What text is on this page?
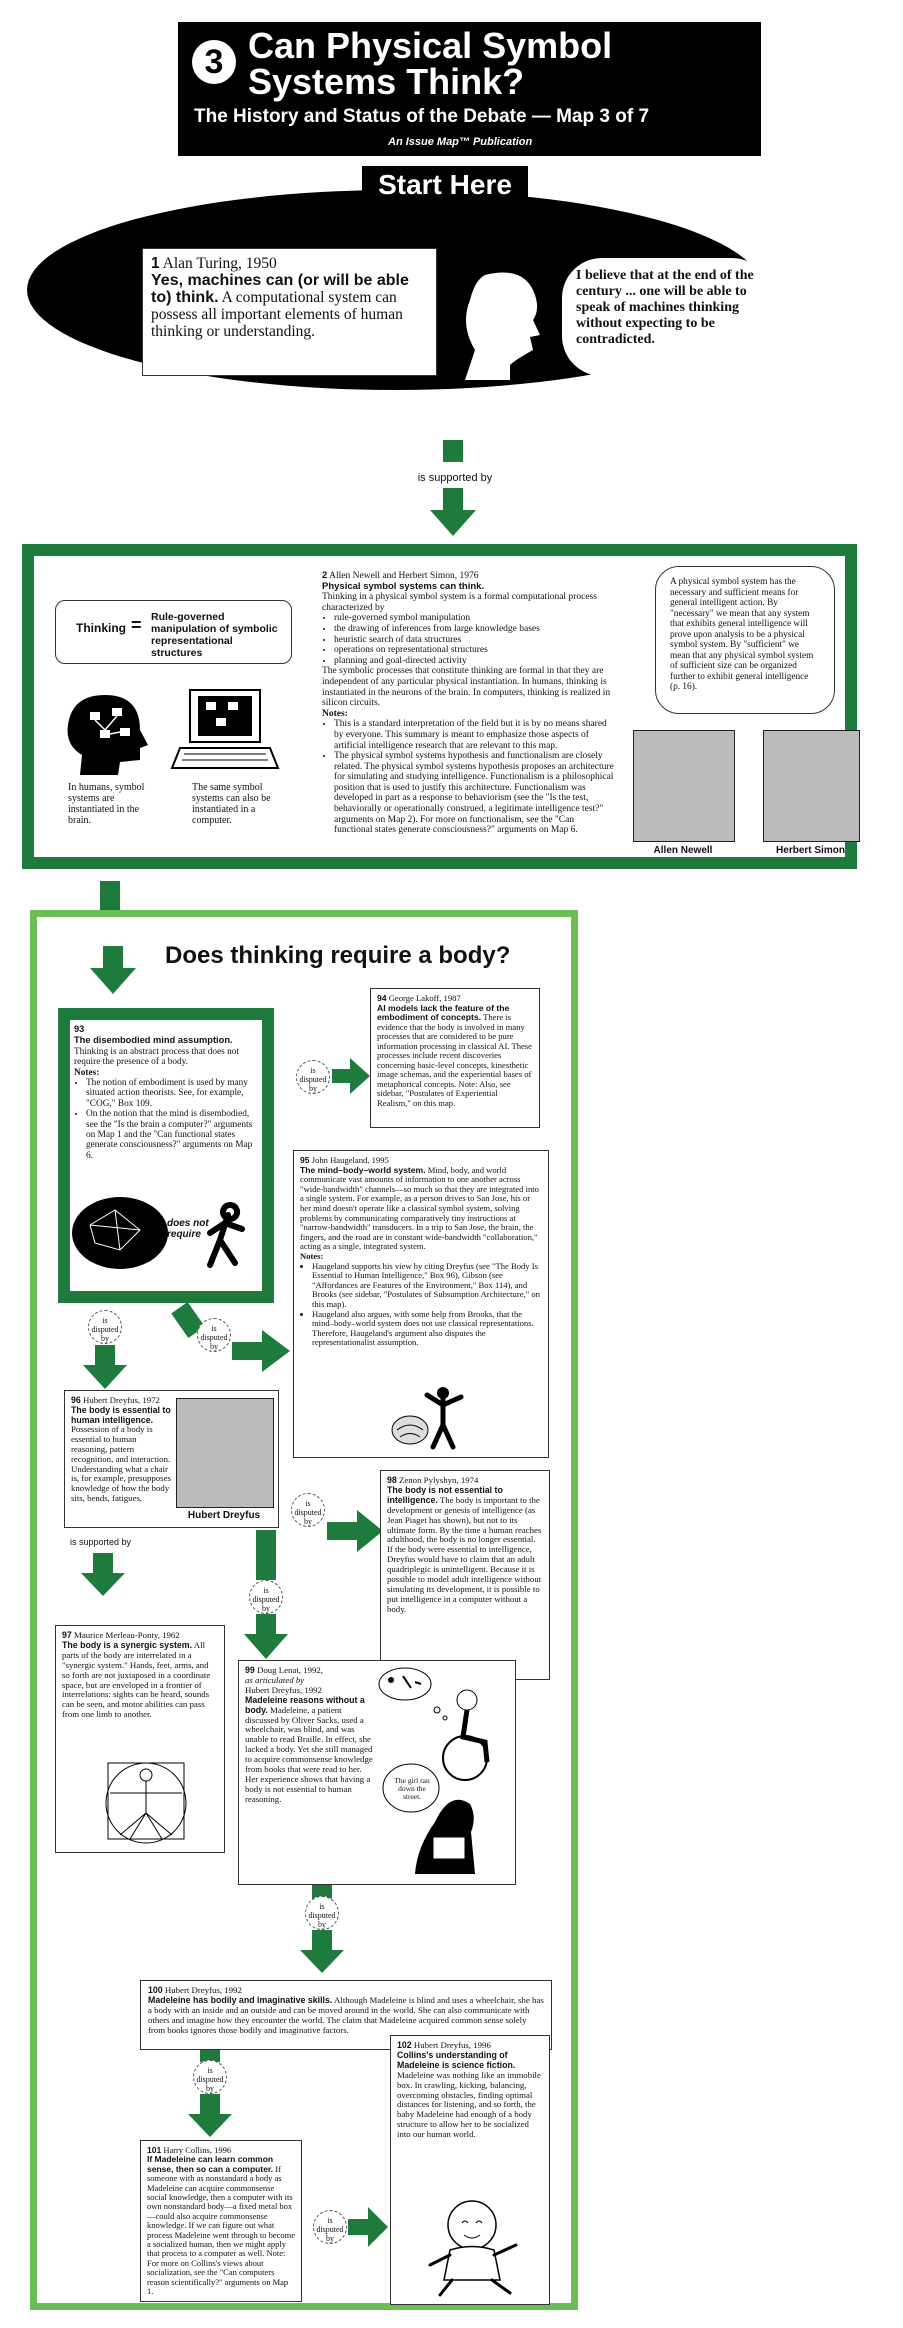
3 Can Physical Symbol Systems Think?
The History and Status of the Debate — Map 3 of 7
An Issue Map™ Publication
Start Here
1 Alan Turing, 1950
Yes, machines can (or will be able to) think. A computational system can possess all important elements of human thinking or understanding.
Alan Turing
I believe that at the end of the century ... one will be able to speak of machines thinking without expecting to be contradicted.
is supported by
Thinking = Rule-governed manipulation of symbolic representational structures
In humans, symbol systems are instantiated in the brain.
The same symbol systems can also be instantiated in a computer.
2 Allen Newell and Herbert Simon, 1976
Physical symbol systems can think.
Thinking in a physical symbol system is a formal computational process characterized by
• rule-governed symbol manipulation
• the drawing of inferences from large knowledge bases
• heuristic search of data structures
• operations on representational structures
• planning and goal-directed activity
The symbolic processes that constitute thinking are formal in that they are independent of any particular physical instantiation. In humans, thinking is instantiated in the neurons of the brain. In computers, thinking is realized in silicon circuits.
Notes:
• This is a standard interpretation of the field but it is by no means shared by everyone. This summary is meant to emphasize those aspects of artificial intelligence research that are relevant to this map.
• The physical symbol systems hypothesis and functionalism are closely related. The physical symbol systems hypothesis proposes an architecture for simulating and studying intelligence. Functionalism is a philosophical position that is used to justify this architecture. Functionalism was developed in part as a response to behaviorism (see the "Is the test, behaviorally or operationally construed, a legitimate intelligence test?" arguments on Map 2). For more on functionalism, see the "Can functional states generate consciousness?" arguments on Map 6.
A physical symbol system has the necessary and sufficient means for general intelligent action. By "necessary" we mean that any system that exhibits general intelligence will prove upon analysis to be a physical symbol system. By "sufficient" we mean that any physical symbol system of sufficient size can be organized further to exhibit general intelligence (p. 16).
Allen Newell	Herbert Simon
Does thinking require a body?
93
The disembodied mind assumption.
Thinking is an abstract process that does not require the presence of a body.
Notes:
• The notion of embodiment is used by many situated action theorists. See, for example, "COG," Box 109.
• On the notion that the mind is disembodied, see the "Is the brain a computer?" arguments on Map 1 and the "Can functional states generate consciousness?" arguments on Map 6.
does not require
is disputed by
94 George Lakoff, 1987
AI models lack the feature of the embodiment of concepts. There is evidence that the body is involved in many processes that are considered to be pure information processing in classical AI. These processes include recent discoveries concerning basic-level concepts, kinesthetic image schemas, and the experiential bases of metaphorical concepts. Note: Also, see sidebar, "Postulates of Experiential Realism," on this map.
95 John Haugeland, 1995
The mind–body–world system. Mind, body, and world communicate vast amounts of information to one another across "wide-bandwidth" channels—so much so that they are integrated into a single system. For example, as a person drives to San Jose, his or her mind doesn't operate like a classical symbol system, solving problems by communicating comparatively tiny instructions at "narrow-bandwidth" transducers. In a trip to San Jose, the brain, the fingers, and the road are in constant wide-bandwidth "collaboration," acting as a single, integrated system.
Notes:
• Haugeland supports his view by citing Dreyfus (see "The Body Is Essential to Human Intelligence," Box 96), Gibson (see "Affordances are Features of the Environment," Box 114), and Brooks (see sidebar, "Postulates of Subsumption Architecture," on this map).
• Haugeland also argues, with some help from Brooks, that the mind–body–world system does not use classical representations. Therefore, Haugeland's argument also disputes the representationalist assumption.
is disputed by
is disputed by
96 Hubert Dreyfus, 1972
The body is essential to human intelligence. Possession of a body is essential to human reasoning, pattern recognition, and interaction. Understanding what a chair is, for example, presupposes knowledge of how the body sits, bends, fatigues,
Hubert Dreyfus
is supported by
is disputed by
is disputed by
98 Zenon Pylyshyn, 1974
The body is not essential to intelligence. The body is important to the development or genesis of intelligence (as Jean Piaget has shown), but not to its ultimate form. By the time a human reaches adulthood, the body is no longer essential. If the body were essential to intelligence, Dreyfus would have to claim that an adult quadriplegic is unintelligent. Because it is possible to model adult intelligence without simulating its development, it is possible to put intelligence in a computer without a body.
97 Maurice Merleau-Ponty, 1962
The body is a synergic system. All parts of the body are interrelated in a "synergic system." Hands, feet, arms, and so forth are not juxtaposed in a coordinate space, but are enveloped in a frontier of interrelations: sights can be heard, sounds can be seen, and motor abilities can pass from one limb to another.
99 Doug Lenat, 1992,
as articulated by
Hubert Dreyfus, 1992
Madeleine reasons without a body. Madeleine, a patient discussed by Oliver Sacks, used a wheelchair, was blind, and was unable to read Braille. In effect, she lacked a body. Yet she still managed to acquire commonsense knowledge from books that were read to her. Her experience shows that having a body is not essential to human reasoning.
The girl ran down the street.
is disputed by
100 Hubert Dreyfus, 1992
Madeleine has bodily and imaginative skills. Although Madeleine is blind and uses a wheelchair, she has a body with an inside and an outside and can be moved around in the world. She can also communicate with others and imagine how they encounter the world. The claim that Madeleine acquired common sense solely from books ignores those bodily and imaginative factors.
is disputed by
101 Harry Collins, 1996
If Madeleine can learn common sense, then so can a computer. If someone with as nonstandard a body as Madeleine can acquire commonsense social knowledge, then a computer with its own nonstandard body—a fixed metal box—could also acquire commonsense knowledge. If we can figure out what process Madeleine went through to become a socialized human, then we might apply that process to a computer as well. Note: For more on Collins's views about socialization, see the "Can computers reason scientifically?" arguments on Map 1.
is disputed by
102 Hubert Dreyfus, 1996
Collins's understanding of Madeleine is science fiction. Madeleine was nothing like an immobile box. In crawling, kicking, balancing, overcoming obstacles, finding optimal distances for listening, and so forth, the baby Madeleine had enough of a body structure to allow her to be socialized into our human world.
